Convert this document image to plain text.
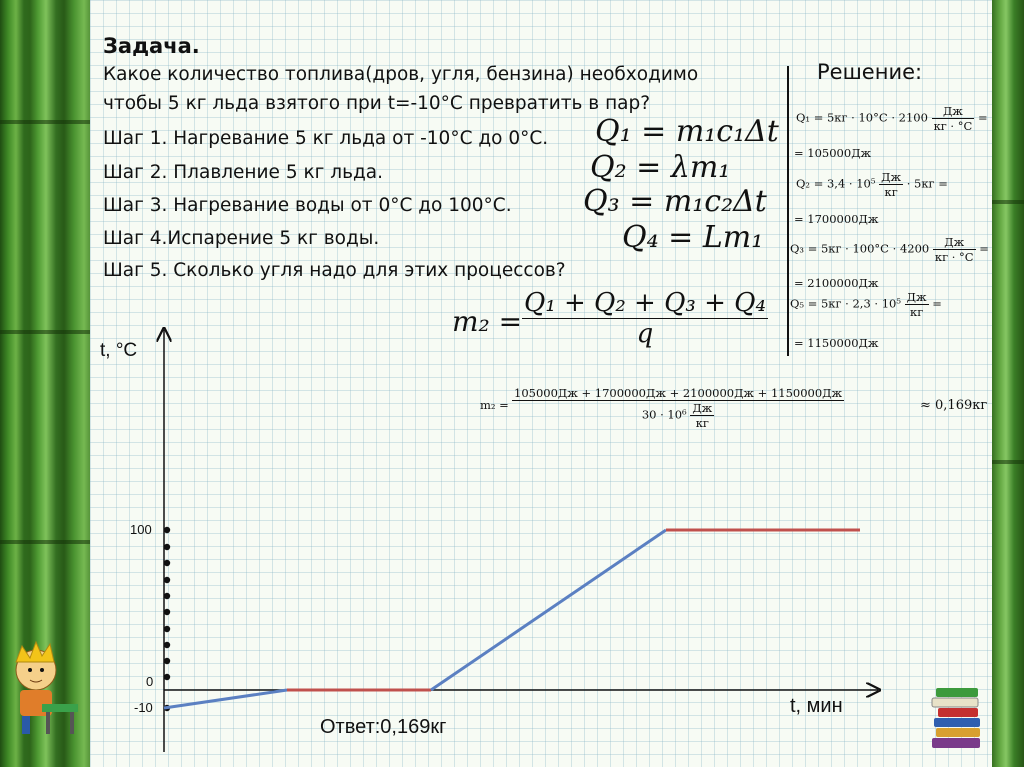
Задача.
Какое количество топлива(дров, угля, бензина) необходимо
чтобы 5 кг льда взятого при t=-10°C превратить в пар?
Шаг 1. Нагревание 5 кг льда от -10°C до 0°C.
Шаг 2. Плавление 5 кг льда.
Шаг 3. Нагревание воды от 0°C до 100°C.
Шаг 4.Испарение 5 кг воды.
Шаг 5. Сколько угля надо для этих процессов?
Q₁ = m₁c₁Δt
Q₂ = λm₁
Q₃ = m₁c₂Δt
Q₄ = Lm₁
$m_2 = \frac{\text{Q₁ + Q₂ + Q₃ + Q₄}}{q}$
Решение:
$Q_1 = 5кг \cdot 10^\circ C \cdot 2100 \frac{Дж}{кг \cdot ^\circ C}$ =
= 105000Дж
$Q_2 = 3,4 \cdot 10^5 \frac{Дж}{кг} \cdot 5кг$ =
= 1700000Дж
$Q_3 = 5кг \cdot 100^\circ C \cdot 4200 \frac{Дж}{кг \cdot ^\circ C}$ =
= 2100000Дж
$Q_5 = 5кг \cdot 2,3 \cdot 10^5 \frac{Дж}{кг}$ =
= 1150000Дж
$m_2 = \frac{105000Дж + 1700000Дж + 2100000Дж + 1150000Дж}{30 \cdot 10^6 \frac{Дж}{кг}}$	≈ 0,169кг
t, °C
t, мин
100
0
-10
Ответ:0,169кг
